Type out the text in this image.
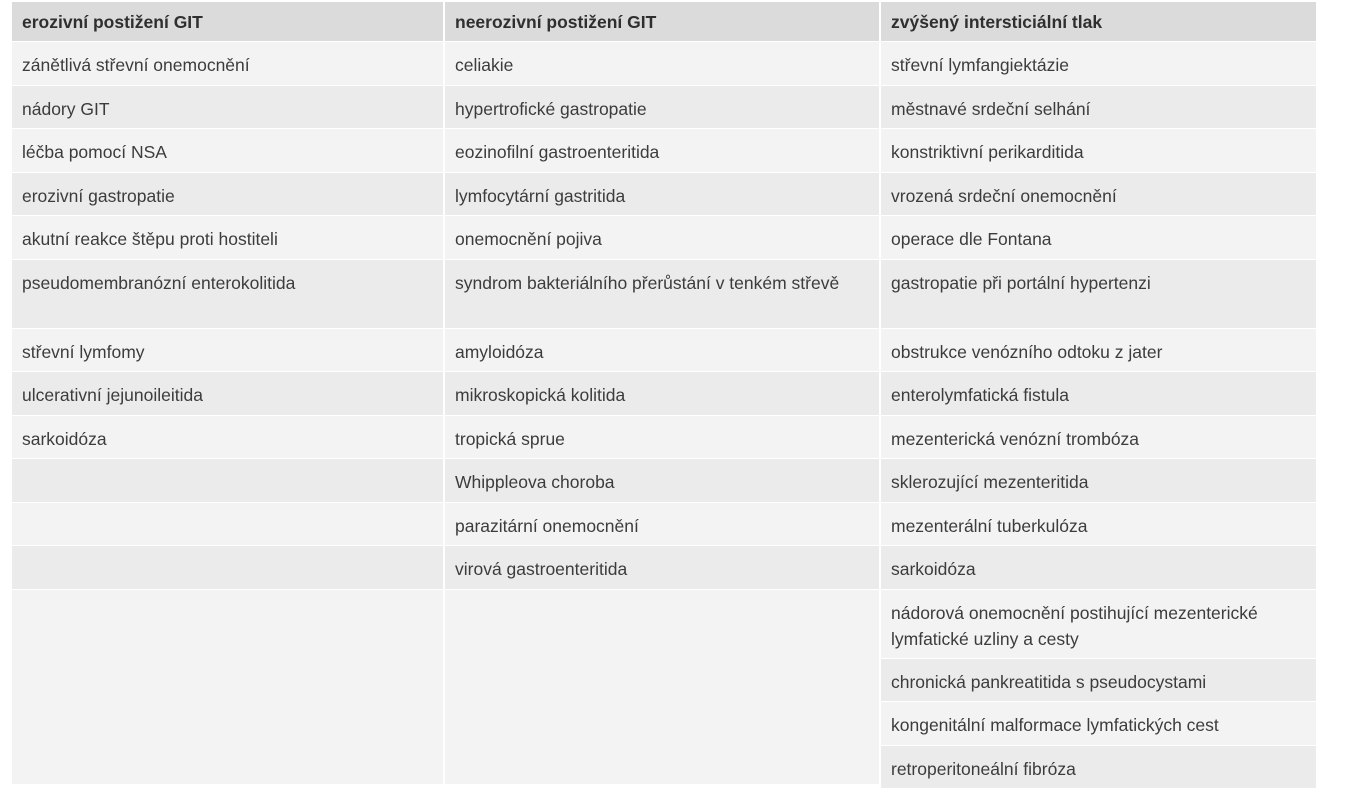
erozivní postižení GIT
zánětlivá střevní onemocnění
nádory GIT
léčba pomocí NSA
erozivní gastropatie
akutní reakce štěpu proti hostiteli
pseudomembranózní enterokolitida
střevní lymfomy
ulcerativní jejunoileitida
sarkoidóza
neerozivní postižení GIT
celiakie
hypertrofické gastropatie
eozinofilní gastroenteritida
lymfocytární gastritida
onemocnění pojiva
syndrom bakteriálního přerůstání v tenkém střevě
amyloidóza
mikroskopická kolitida
tropická sprue
Whippleova choroba
parazitární onemocnění
virová gastroenteritida
zvýšený intersticiální tlak
střevní lymfangiektázie
městnavé srdeční selhání
konstriktivní perikarditida
vrozená srdeční onemocnění
operace dle Fontana
gastropatie při portální hypertenzi
obstrukce venózního odtoku z jater
enterolymfatická fistula
mezenterická venózní trombóza
sklerozující mezenteritida
mezenterální tuberkulóza
sarkoidóza
nádorová onemocnění postihující mezenterické lymfatické uzliny a cesty
chronická pankreatitida s pseudocystami
kongenitální malformace lymfatických cest
retroperitoneální fibróza
